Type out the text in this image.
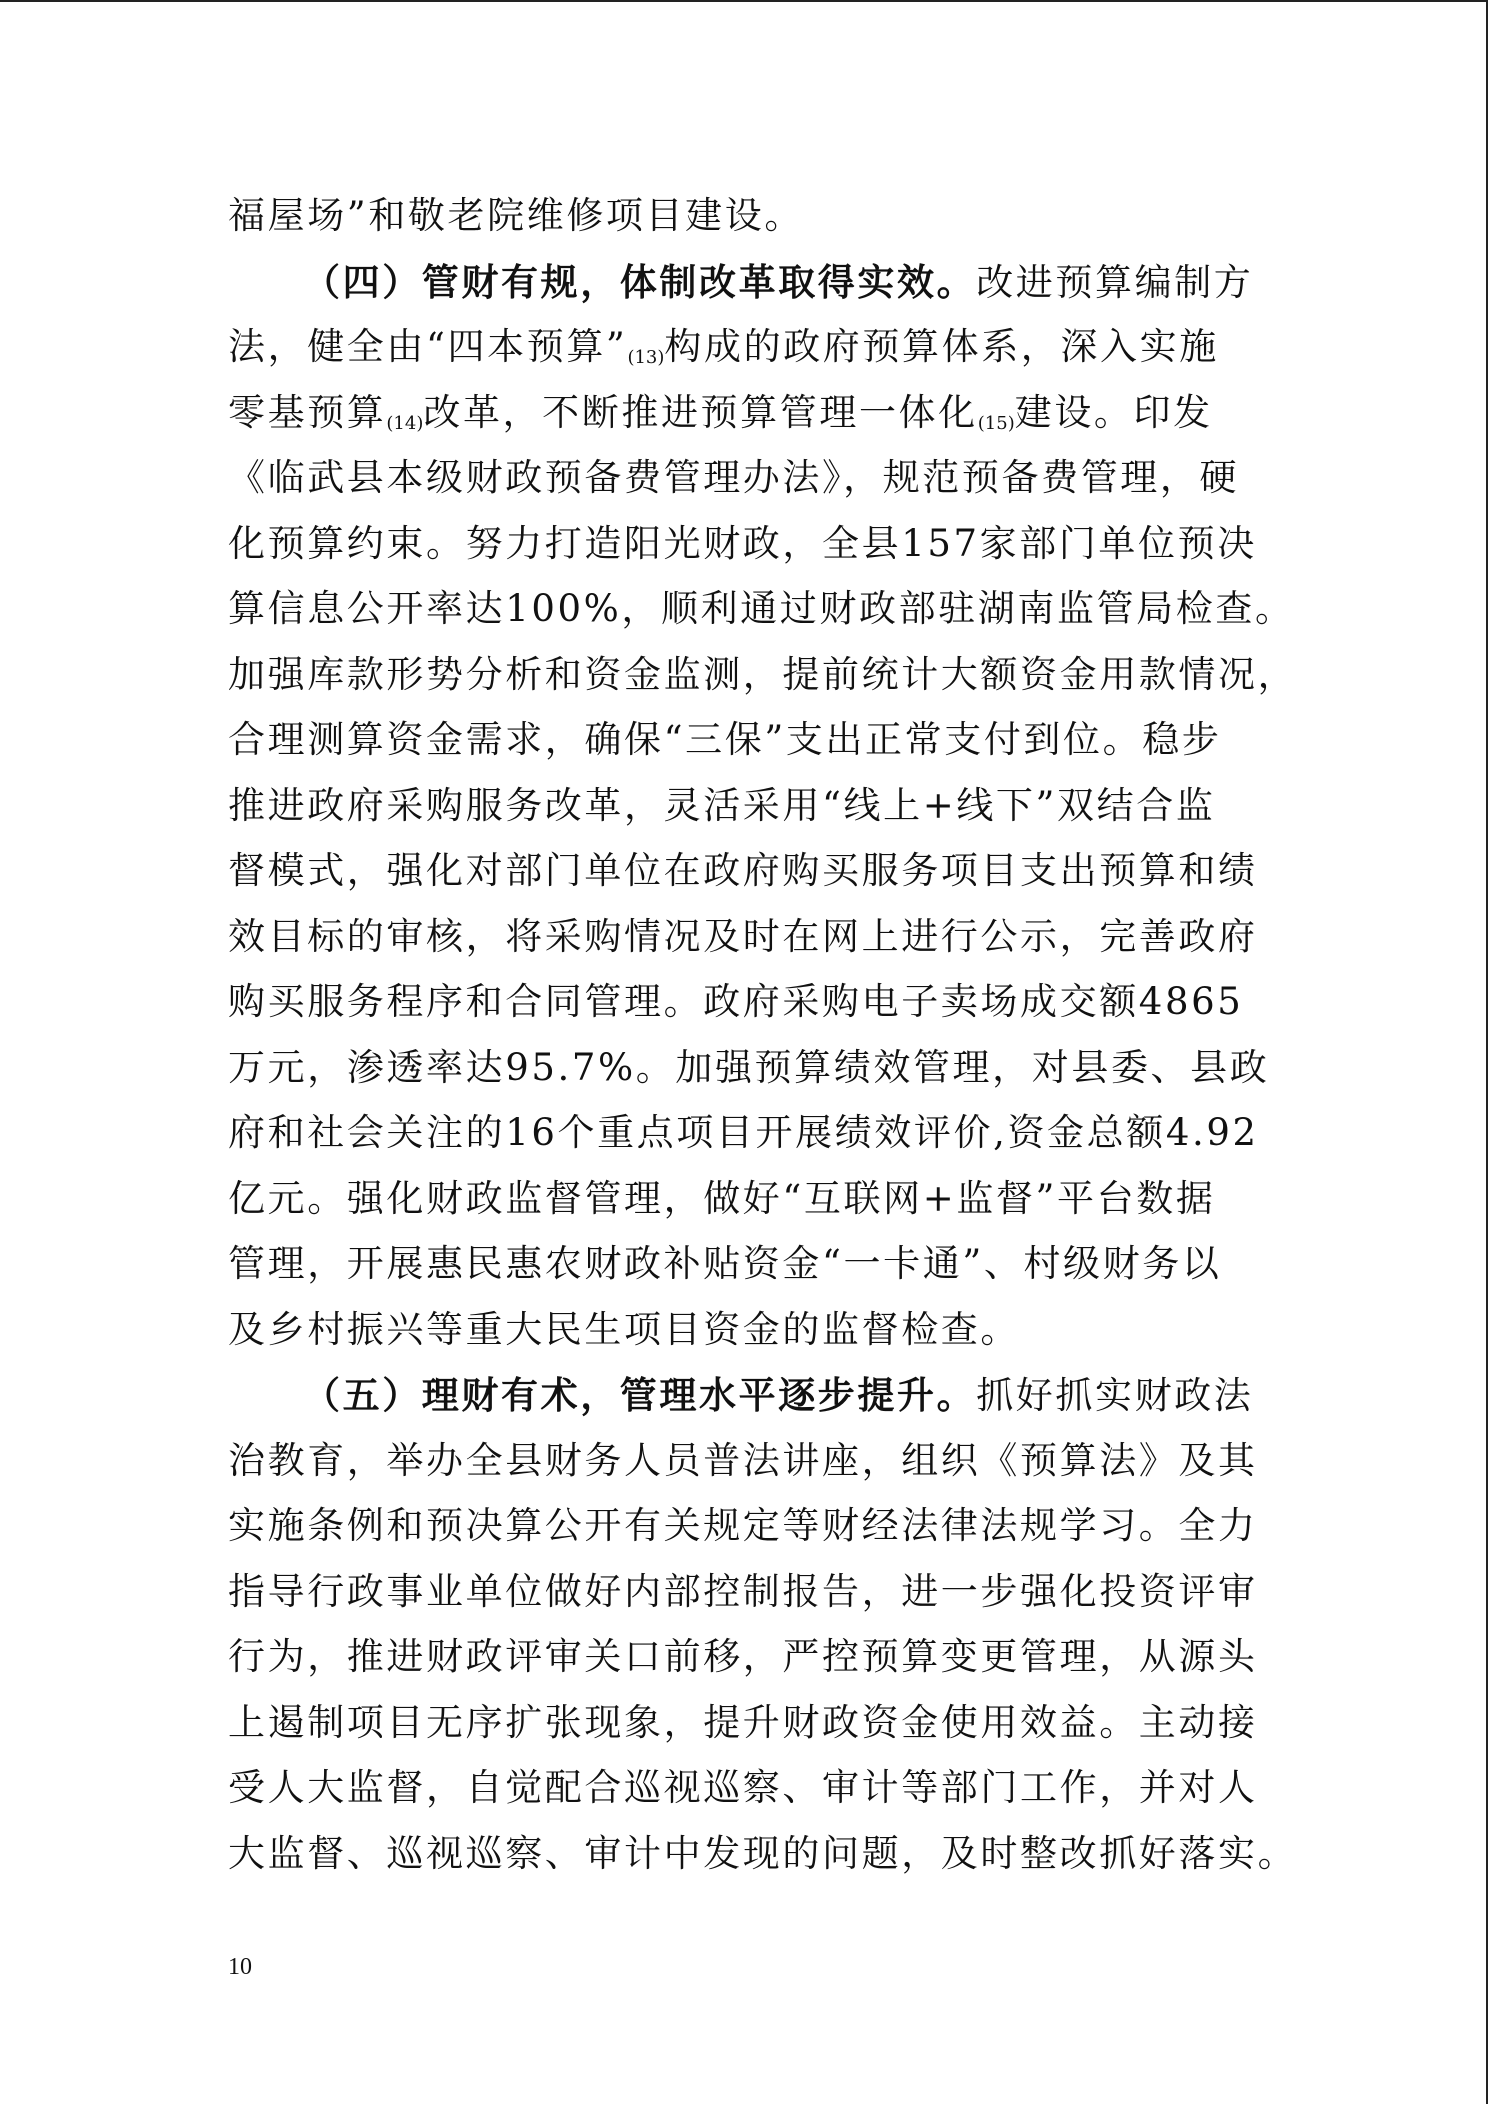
福屋场”和敬老院维修项目建设。
（四）管财有规，体制改革取得实效。改进预算编制方
法，健全由“四本预算”(13)构成的政府预算体系，深入实施
零基预算(14)改革，不断推进预算管理一体化(15)建设。印发
《临武县本级财政预备费管理办法》，规范预备费管理，硬
化预算约束。努力打造阳光财政，全县157家部门单位预决
算信息公开率达100%，顺利通过财政部驻湖南监管局检查。
加强库款形势分析和资金监测，提前统计大额资金用款情况，
合理测算资金需求，确保“三保”支出正常支付到位。稳步
推进政府采购服务改革，灵活采用“线上+线下”双结合监
督模式，强化对部门单位在政府购买服务项目支出预算和绩
效目标的审核，将采购情况及时在网上进行公示，完善政府
购买服务程序和合同管理。政府采购电子卖场成交额4865
万元，渗透率达95.7%。加强预算绩效管理，对县委、县政
府和社会关注的16个重点项目开展绩效评价,资金总额4.92
亿元。强化财政监督管理，做好“互联网+监督”平台数据
管理，开展惠民惠农财政补贴资金“一卡通”、村级财务以
及乡村振兴等重大民生项目资金的监督检查。
（五）理财有术，管理水平逐步提升。抓好抓实财政法
治教育，举办全县财务人员普法讲座，组织《预算法》及其
实施条例和预决算公开有关规定等财经法律法规学习。全力
指导行政事业单位做好内部控制报告，进一步强化投资评审
行为，推进财政评审关口前移，严控预算变更管理，从源头
上遏制项目无序扩张现象，提升财政资金使用效益。主动接
受人大监督，自觉配合巡视巡察、审计等部门工作，并对人
大监督、巡视巡察、审计中发现的问题，及时整改抓好落实。
10
